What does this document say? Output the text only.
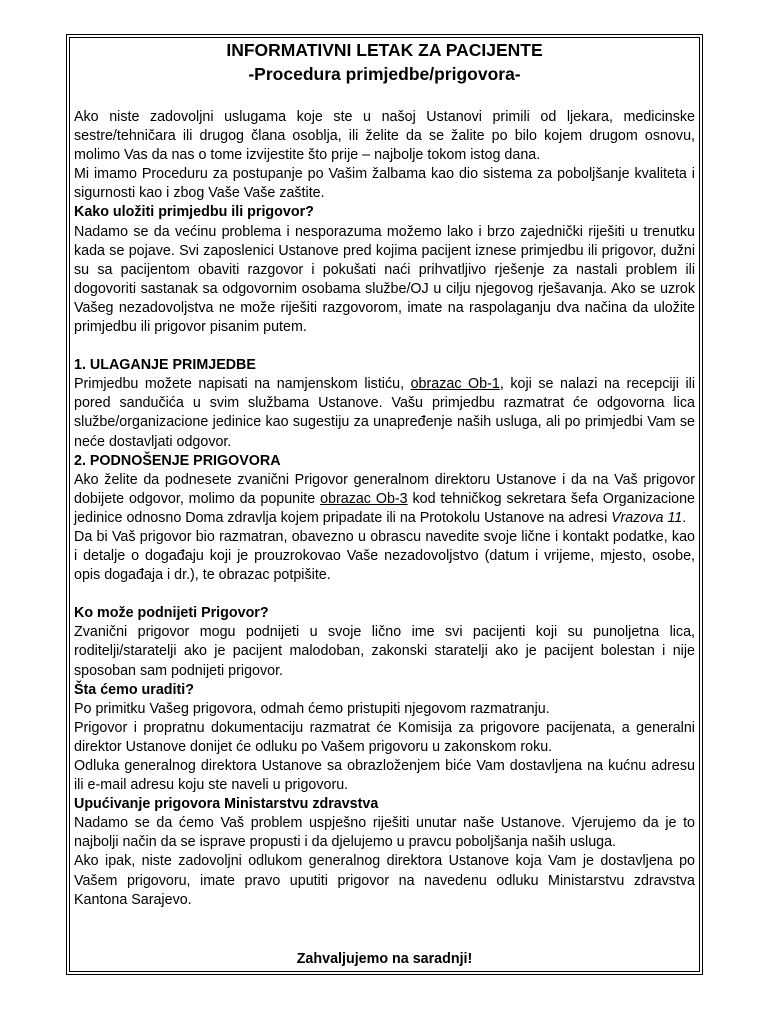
INFORMATIVNI LETAK ZA PACIJENTE
-Procedura primjedbe/prigovora-

Ako niste zadovoljni uslugama koje ste u našoj Ustanovi primili od ljekara, medicinske sestre/tehničara ili drugog člana osoblja, ili želite da se žalite po bilo kojem drugom osnovu, molimo Vas da nas o tome izvijestite što prije – najbolje tokom istog dana.

Mi imamo Proceduru za postupanje po Vašim žalbama kao dio sistema za poboljšanje kvaliteta i sigurnosti kao i zbog Vaše Vaše zaštite.

Kako uložiti primjedbu ili prigovor?

Nadamo se da većinu problema i nesporazuma možemo lako i brzo zajednički riješiti u trenutku kada se pojave. Svi zaposlenici Ustanove pred kojima pacijent iznese primjedbu ili prigovor, dužni su sa pacijentom obaviti razgovor i pokušati naći prihvatljivo rješenje za nastali problem ili dogovoriti sastanak sa odgovornim osobama službe/OJ u cilju njegovog rješavanja. Ako se uzrok Vašeg nezadovoljstva ne može riješiti razgovorom, imate na raspolaganju dva načina da uložite primjedbu ili prigovor pisanim putem.

1. ULAGANJE PRIMJEDBE

Primjedbu možete napisati na namjenskom listiću, obrazac Ob-1, koji se nalazi na recepciji ili pored sandučića u svim službama Ustanove. Vašu primjedbu razmatrat će odgovorna lica službe/organizacione jedinice kao sugestiju za unapređenje naših usluga, ali po primjedbi Vam se neće dostavljati odgovor.

2. PODNOŠENJE PRIGOVORA

Ako želite da podnesete zvanični Prigovor generalnom direktoru Ustanove i da na Vaš prigovor dobijete odgovor, molimo da popunite obrazac Ob-3 kod tehničkog sekretara šefa Organizacione jedinice odnosno Doma zdravlja kojem pripadate ili na Protokolu Ustanove na adresi Vrazova 11.

Da bi Vaš prigovor bio razmatran, obavezno u obrascu navedite svoje lične i kontakt podatke, kao i detalje o događaju koji je prouzrokovao Vaše nezadovoljstvo (datum i vrijeme, mjesto, osobe, opis događaja i dr.), te obrazac potpišite.

Ko može podnijeti Prigovor?

Zvanični prigovor mogu podnijeti u svoje lično ime svi pacijenti koji su punoljetna lica, roditelji/staratelji ako je pacijent malodoban, zakonski staratelji ako je pacijent bolestan i nije sposoban sam podnijeti prigovor.

Šta ćemo uraditi?

Po primitku Vašeg prigovora, odmah ćemo pristupiti njegovom razmatranju.

Prigovor i propratnu dokumentaciju razmatrat će Komisija za prigovore pacijenata, a generalni direktor Ustanove donijet će odluku po Vašem prigovoru u zakonskom roku.

Odluka generalnog direktora Ustanove sa obrazloženjem biće Vam dostavljena na kućnu adresu ili e-mail adresu koju ste naveli u prigovoru.

Upućivanje prigovora Ministarstvu zdravstva

Nadamo se da ćemo Vaš problem uspješno riješiti unutar naše Ustanove. Vjerujemo da je to najbolji način da se isprave propusti i da djelujemo u pravcu poboljšanja naših usluga.

Ako ipak, niste zadovoljni odlukom generalnog direktora Ustanove koja Vam je dostavljena po Vašem prigovoru, imate pravo uputiti prigovor na navedenu odluku Ministarstvu zdravstva Kantona Sarajevo.

Zahvaljujemo na saradnji!
